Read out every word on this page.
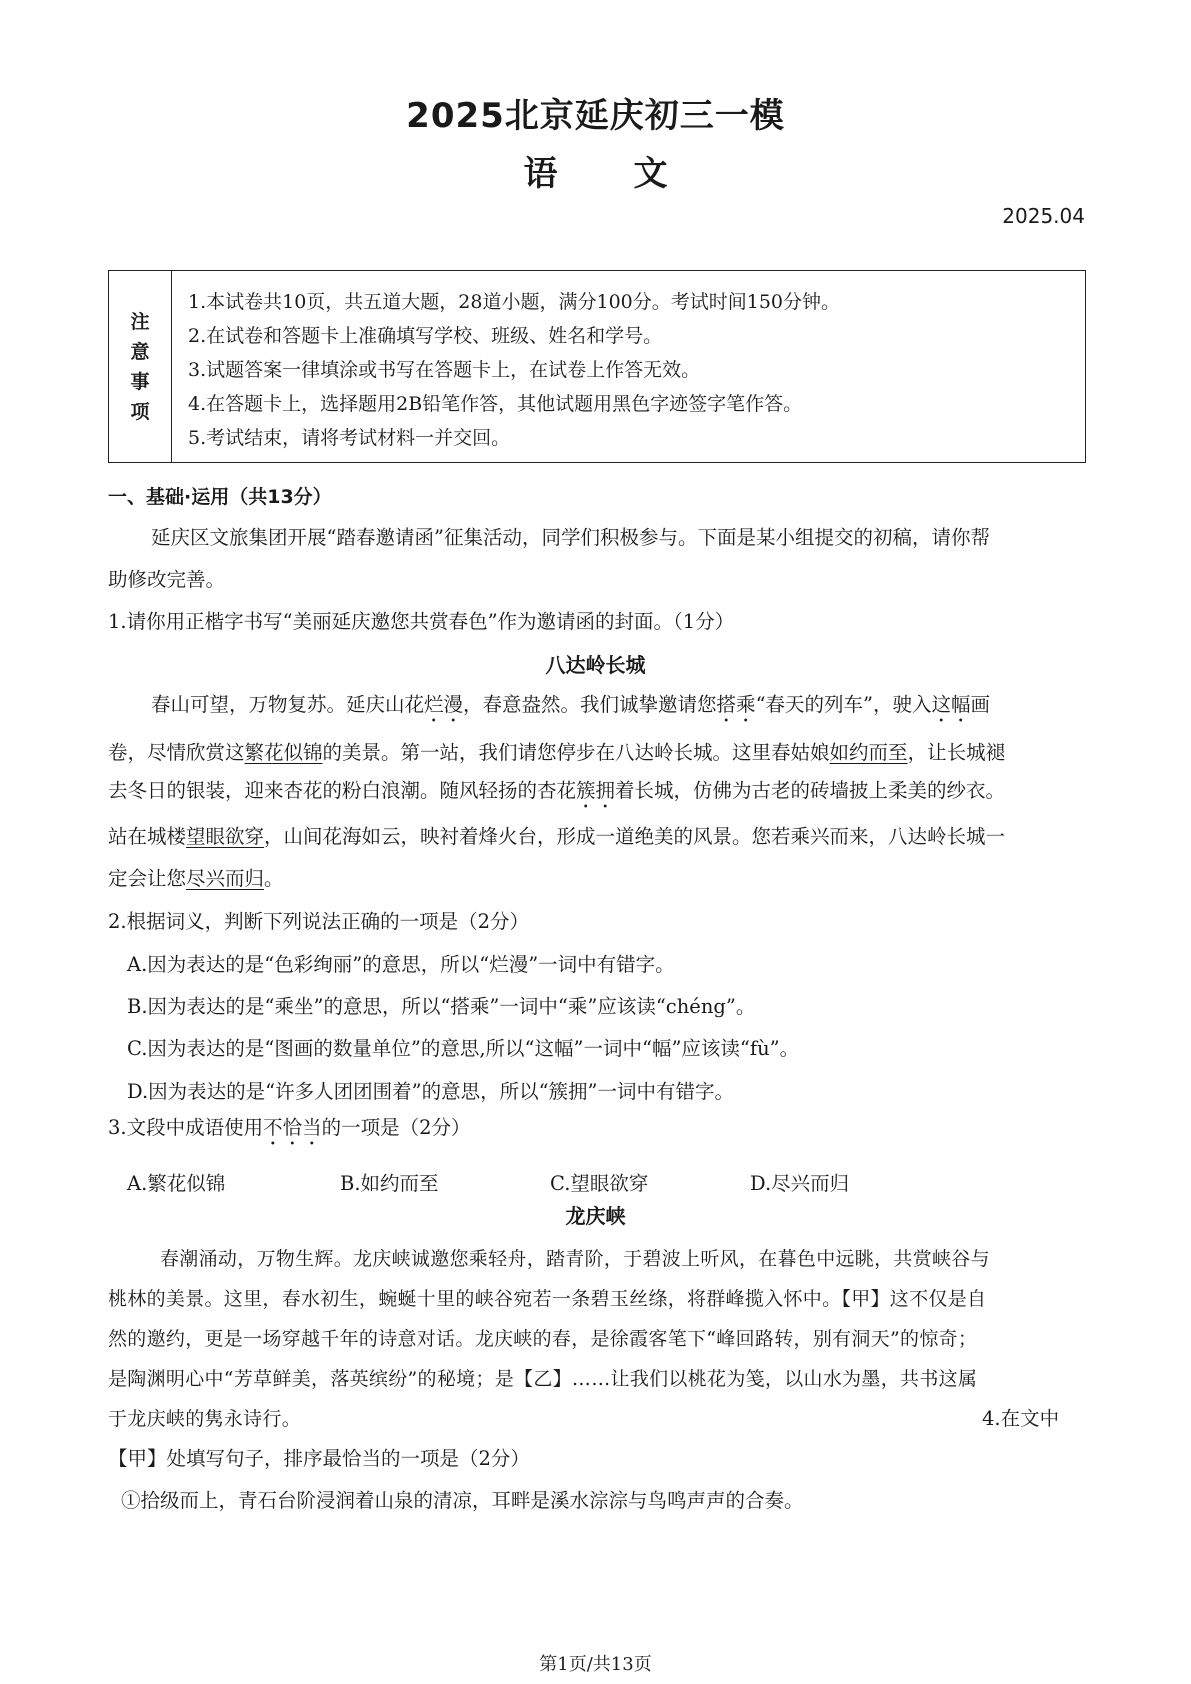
2025北京延庆初三一模
语 文
2025.04
注
意
事
项
1.本试卷共10页，共五道大题，28道小题，满分100分。考试时间150分钟。
2.在试卷和答题卡上准确填写学校、班级、姓名和学号。
3.试题答案一律填涂或书写在答题卡上，在试卷上作答无效。
4.在答题卡上，选择题用2B铅笔作答，其他试题用黑色字迹签字笔作答。
5.考试结束，请将考试材料一并交回。
一、基础·运用（共13分）
延庆区文旅集团开展“踏春邀请函”征集活动，同学们积极参与。下面是某小组提交的初稿，请你帮
助修改完善。
1.请你用正楷字书写“美丽延庆邀您共赏春色”作为邀请函的封面。（1分）
八达岭长城
春山可望，万物复苏。延庆山花烂漫，春意盎然。我们诚挚邀请您搭乘“春天的列车”，驶入这幅画
卷，尽情欣赏这繁花似锦的美景。第一站，我们请您停步在八达岭长城。这里春姑娘如约而至，让长城褪
去冬日的银装，迎来杏花的粉白浪潮。随风轻扬的杏花簇拥着长城，仿佛为古老的砖墙披上柔美的纱衣。
站在城楼望眼欲穿，山间花海如云，映衬着烽火台，形成一道绝美的风景。您若乘兴而来，八达岭长城一
定会让您尽兴而归。
2.根据词义，判断下列说法正确的一项是（2分）
A.因为表达的是“色彩绚丽”的意思，所以“烂漫”一词中有错字。
B.因为表达的是“乘坐”的意思，所以“搭乘”一词中“乘”应该读“chéng”。
C.因为表达的是“图画的数量单位”的意思,所以“这幅”一词中“幅”应该读“fù”。
D.因为表达的是“许多人团团围着”的意思，所以“簇拥”一词中有错字。
3.文段中成语使用不恰当的一项是（2分）
A.繁花似锦	B.如约而至	C.望眼欲穿	D.尽兴而归
龙庆峡
春潮涌动，万物生辉。龙庆峡诚邀您乘轻舟，踏青阶，于碧波上听风，在暮色中远眺，共赏峡谷与
桃林的美景。这里，春水初生，蜿蜒十里的峡谷宛若一条碧玉丝绦，将群峰揽入怀中。【甲】这不仅是自
然的邀约，更是一场穿越千年的诗意对话。龙庆峡的春，是徐霞客笔下“峰回路转，别有洞天”的惊奇；
是陶渊明心中“芳草鲜美，落英缤纷”的秘境；是【乙】……让我们以桃花为笺，以山水为墨，共书这属
于龙庆峡的隽永诗行。	4.在文中
【甲】处填写句子，排序最恰当的一项是（2分）
①拾级而上，青石台阶浸润着山泉的清凉，耳畔是溪水淙淙与鸟鸣声声的合奏。
第1页/共13页
